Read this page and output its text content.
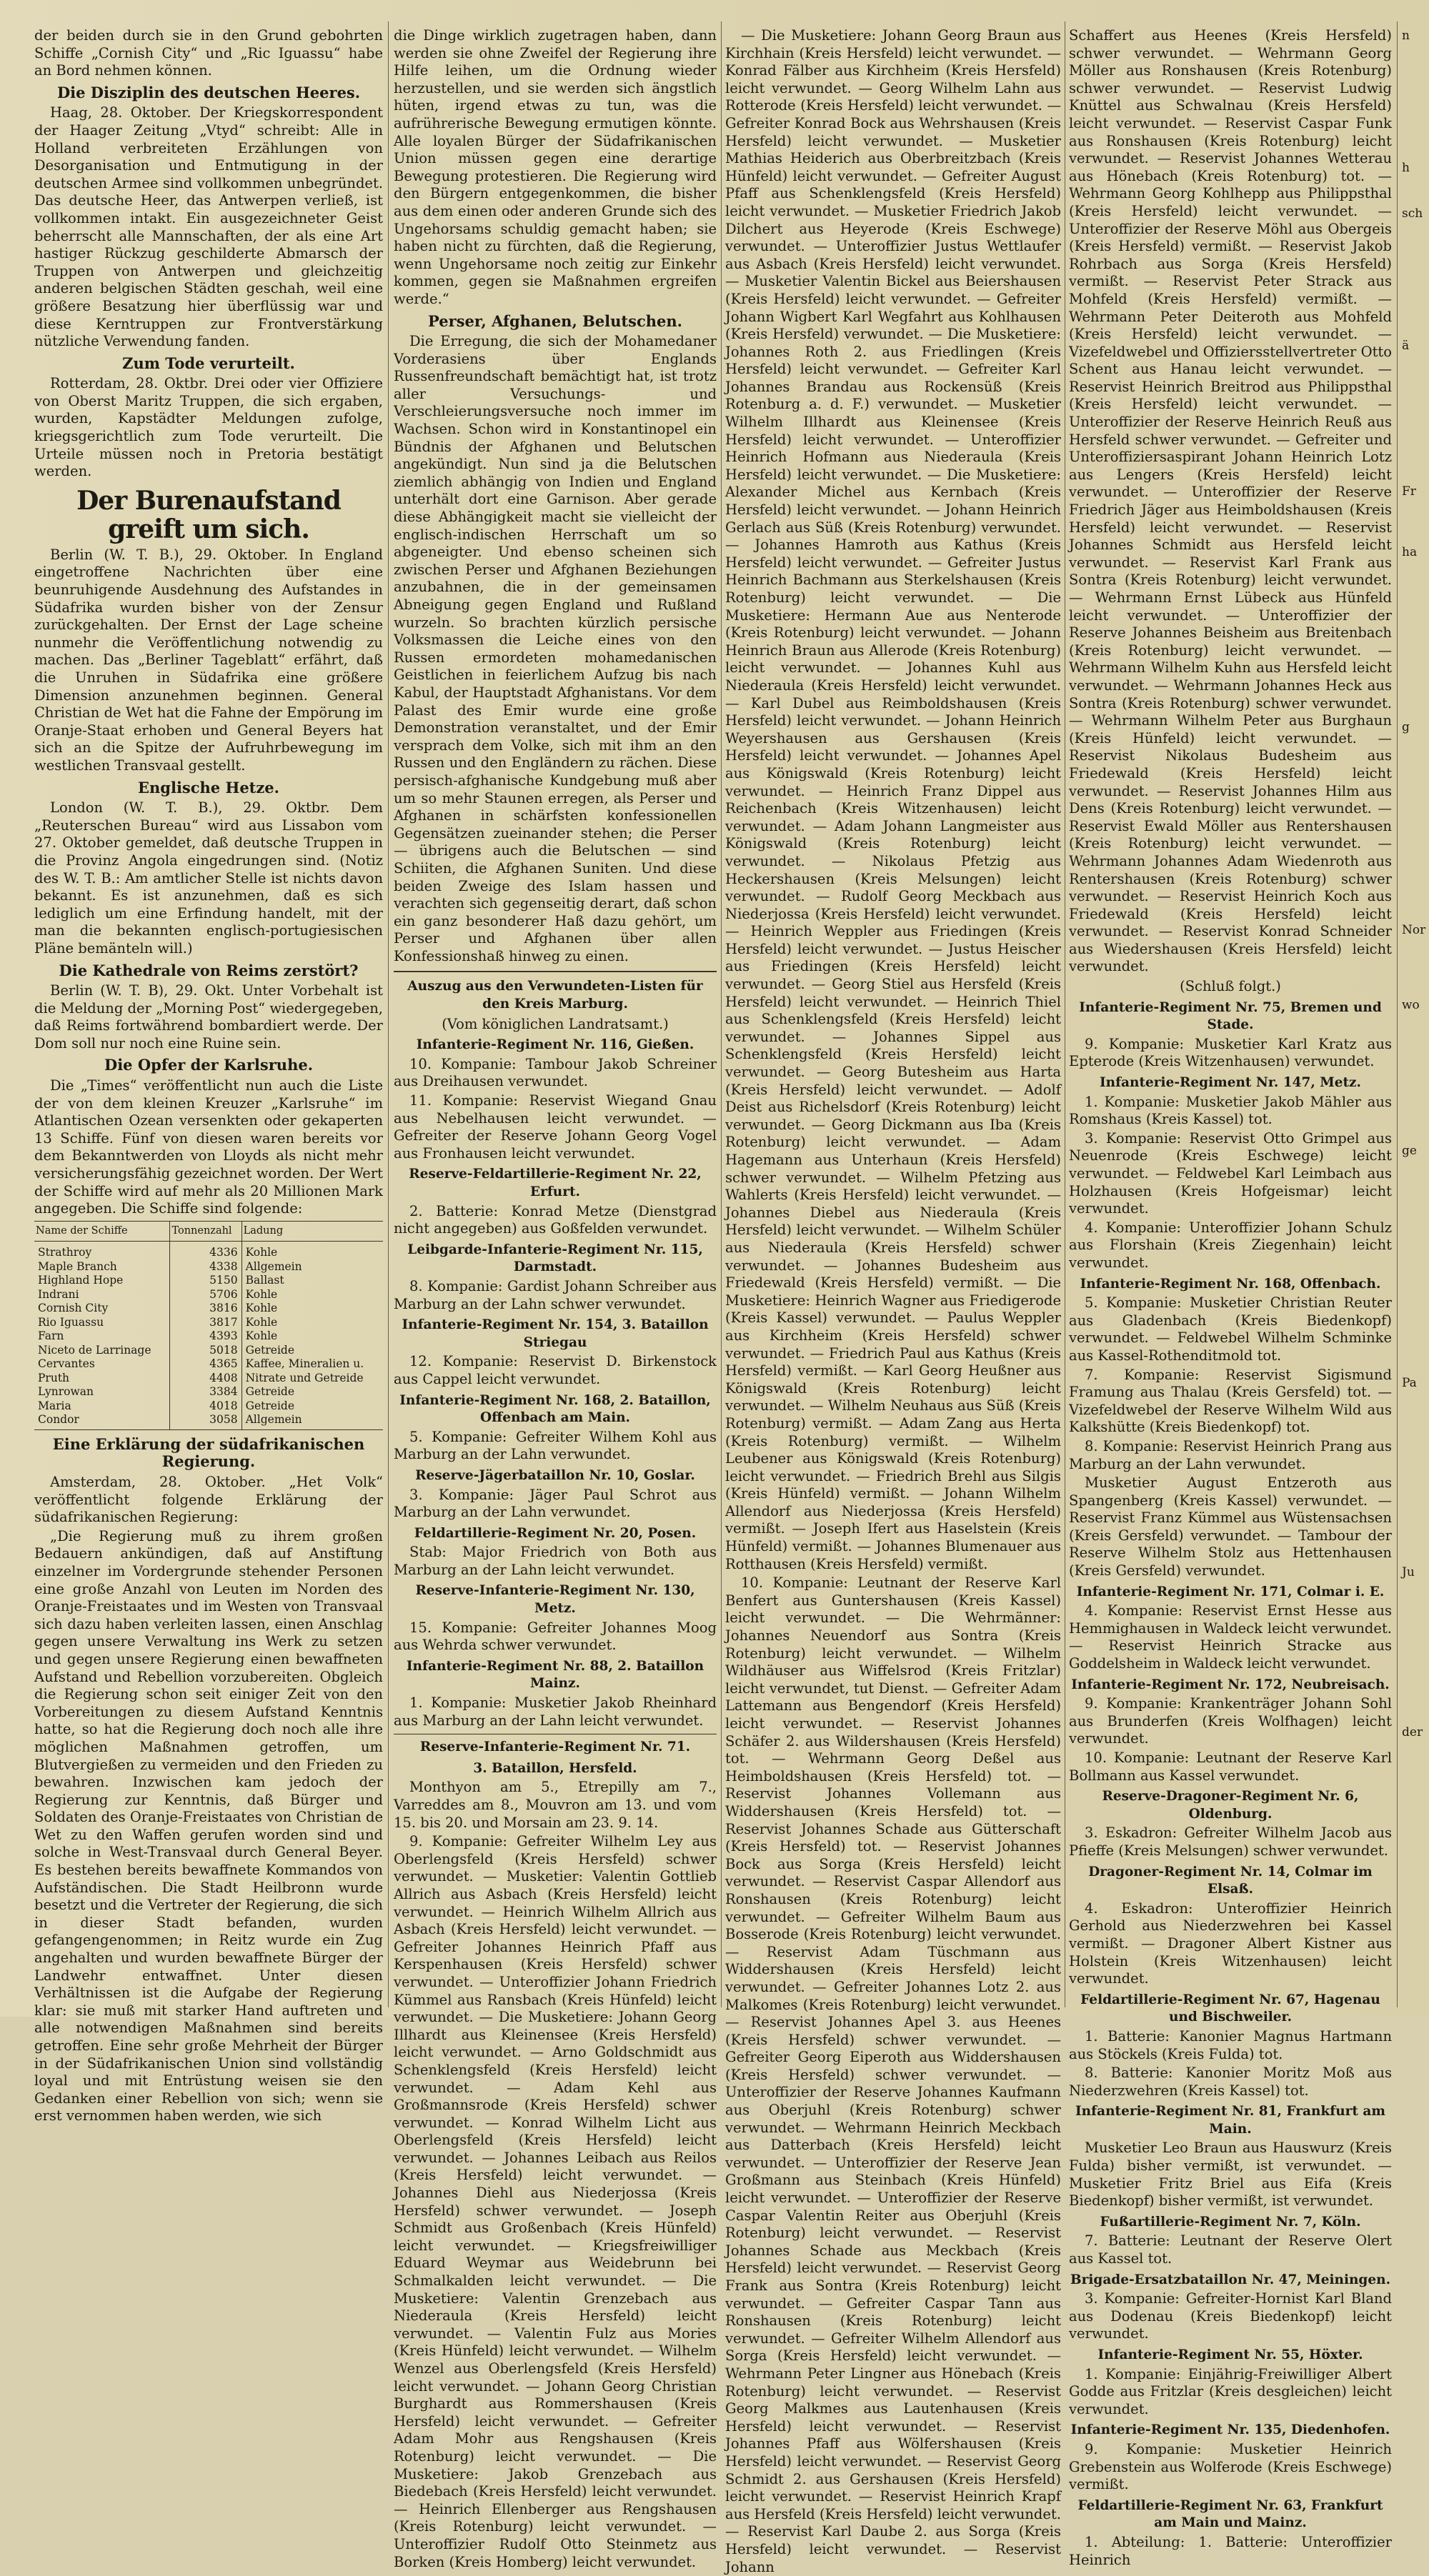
der beiden durch sie in den Grund gebohrten Schiffe „Cornish City“ und „Ric Iguassu“ habe an Bord nehmen können.

Die Disziplin des deutschen Heeres.

Haag, 28. Oktober. Der Kriegskorrespondent der Haager Zeitung „Vtyd“ schreibt: Alle in Holland verbreiteten Erzählungen von Desorganisation und Entmutigung in der deutschen Armee sind vollkommen unbegründet. Das deutsche Heer, das Antwerpen verließ, ist vollkommen intakt. Ein ausgezeichneter Geist beherrscht alle Mannschaften, der als eine Art hastiger Rückzug geschilderte Abmarsch der Truppen von Antwerpen und gleichzeitig anderen belgischen Städten geschah, weil eine größere Besatzung hier überflüssig war und diese Kerntruppen zur Frontverstärkung nützliche Verwendung fanden.

Zum Tode verurteilt.

Rotterdam, 28. Oktbr. Drei oder vier Offiziere von Oberst Maritz Truppen, die sich ergaben, wurden, Kapstädter Meldungen zufolge, kriegsgerichtlich zum Tode verurteilt. Die Urteile müssen noch in Pretoria bestätigt werden.

Der Burenaufstand greift um sich.

Berlin (W. T. B.), 29. Oktober. In England eingetroffene Nachrichten über eine beunruhigende Ausdehnung des Aufstandes in Südafrika wurden bisher von der Zensur zurückgehalten. Der Ernst der Lage scheine nunmehr die Veröffentlichung notwendig zu machen. Das „Berliner Tageblatt“ erfährt, daß die Unruhen in Südafrika eine größere Dimension anzunehmen beginnen. General Christian de Wet hat die Fahne der Empörung im Oranje-Staat erhoben und General Beyers hat sich an die Spitze der Aufruhrbewegung im westlichen Transvaal gestellt.

Englische Hetze.

London (W. T. B.), 29. Oktbr. Dem „Reuterschen Bureau“ wird aus Lissabon vom 27. Oktober gemeldet, daß deutsche Truppen in die Provinz Angola eingedrungen sind. (Notiz des W. T. B.: Am amtlicher Stelle ist nichts davon bekannt. Es ist anzunehmen, daß es sich lediglich um eine Erfindung handelt, mit der man die bekannten englisch-portugiesischen Pläne bemänteln will.)

Die Kathedrale von Reims zerstört?

Berlin (W. T. B), 29. Okt. Unter Vorbehalt ist die Meldung der „Morning Post“ wiedergegeben, daß Reims fortwährend bombardiert werde. Der Dom soll nur noch eine Ruine sein.

Die Opfer der Karlsruhe.

Die „Times“ veröffentlicht nun auch die Liste der von dem kleinen Kreuzer „Karlsruhe“ im Atlantischen Ozean versenkten oder gekaperten 13 Schiffe. Fünf von diesen waren bereits vor dem Bekanntwerden von Lloyds als nicht mehr versicherungsfähig gezeichnet worden. Der Wert der Schiffe wird auf mehr als 20 Millionen Mark angegeben. Die Schiffe sind folgende:

Name der Schiffe	Tonnenzahl	Ladung
Strathroy	4336	Kohle
Maple Branch	4338	Allgemein
Highland Hope	5150	Ballast
Indrani	5706	Kohle
Cornish City	3816	Kohle
Rio Iguassu	3817	Kohle
Farn	4393	Kohle
Niceto de Larrinage	5018	Getreide
Cervantes	4365	Kaffee, Mineralien u.
Pruth	4408	Nitrate und Getreide
Lynrowan	3384	Getreide
Maria	4018	Getreide
Condor	3058	Allgemein
Eine Erklärung der südafrikanischen Regierung.

Amsterdam, 28. Oktober. „Het Volk“ veröffentlicht folgende Erklärung der südafrikanischen Regierung:

„Die Regierung muß zu ihrem großen Bedauern ankündigen, daß auf Anstiftung einzelner im Vordergrunde stehender Personen eine große Anzahl von Leuten im Norden des Oranje-Freistaates und im Westen von Transvaal sich dazu haben verleiten lassen, einen Anschlag gegen unsere Verwaltung ins Werk zu setzen und gegen unsere Regierung einen bewaffneten Aufstand und Rebellion vorzubereiten. Obgleich die Regierung schon seit einiger Zeit von den Vorbereitungen zu diesem Aufstand Kenntnis hatte, so hat die Regierung doch noch alle ihre möglichen Maßnahmen getroffen, um Blutvergießen zu vermeiden und den Frieden zu bewahren. Inzwischen kam jedoch der Regierung zur Kenntnis, daß Bürger und Soldaten des Oranje-Freistaates von Christian de Wet zu den Waffen gerufen worden sind und solche in West-Transvaal durch General Beyer. Es bestehen bereits bewaffnete Kommandos von Aufständischen. Die Stadt Heilbronn wurde besetzt und die Vertreter der Regierung, die sich in dieser Stadt befanden, wurden gefangengenommen; in Reitz wurde ein Zug angehalten und wurden bewaffnete Bürger der Landwehr entwaffnet. Unter diesen Verhältnissen ist die Aufgabe der Regierung klar: sie muß mit starker Hand auftreten und alle notwendigen Maßnahmen sind bereits getroffen. Eine sehr große Mehrheit der Bürger in der Südafrikanischen Union sind vollständig loyal und mit Entrüstung weisen sie den Gedanken einer Rebellion von sich; wenn sie erst vernommen haben werden, wie sich

die Dinge wirklich zugetragen haben, dann werden sie ohne Zweifel der Regierung ihre Hilfe leihen, um die Ordnung wieder herzustellen, und sie werden sich ängstlich hüten, irgend etwas zu tun, was die aufrührerische Bewegung ermutigen könnte. Alle loyalen Bürger der Südafrikanischen Union müssen gegen eine derartige Bewegung protestieren. Die Regierung wird den Bürgern entgegenkommen, die bisher aus dem einen oder anderen Grunde sich des Ungehorsams schuldig gemacht haben; sie haben nicht zu fürchten, daß die Regierung, wenn Ungehorsame noch zeitig zur Einkehr kommen, gegen sie Maßnahmen ergreifen werde.“

Perser, Afghanen, Belutschen.

Die Erregung, die sich der Mohamedaner Vorderasiens über Englands Russenfreundschaft bemächtigt hat, ist trotz aller Versuchungs- und Verschleierungsversuche noch immer im Wachsen. Schon wird in Konstantinopel ein Bündnis der Afghanen und Belutschen angekündigt. Nun sind ja die Belutschen ziemlich abhängig von Indien und England unterhält dort eine Garnison. Aber gerade diese Abhängigkeit macht sie vielleicht der englisch-indischen Herrschaft um so abgeneigter. Und ebenso scheinen sich zwischen Perser und Afghanen Beziehungen anzubahnen, die in der gemeinsamen Abneigung gegen England und Rußland wurzeln. So brachten kürzlich persische Volksmassen die Leiche eines von den Russen ermordeten mohamedanischen Geistlichen in feierlichem Aufzug bis nach Kabul, der Hauptstadt Afghanistans. Vor dem Palast des Emir wurde eine große Demonstration veranstaltet, und der Emir versprach dem Volke, sich mit ihm an den Russen und den Engländern zu rächen. Diese persisch-afghanische Kundgebung muß aber um so mehr Staunen erregen, als Perser und Afghanen in schärfsten konfessionellen Gegensätzen zueinander stehen; die Perser — übrigens auch die Belutschen — sind Schiiten, die Afghanen Suniten. Und diese beiden Zweige des Islam hassen und verachten sich gegenseitig derart, daß schon ein ganz besonderer Haß dazu gehört, um Perser und Afghanen über allen Konfessionshaß hinweg zu einen.

Auszug aus den Verwundeten-Listen für den Kreis Marburg.

(Vom königlichen Landratsamt.)

Infanterie-Regiment Nr. 116, Gießen.

10. Kompanie: Tambour Jakob Schreiner aus Dreihausen verwundet.

11. Kompanie: Reservist Wiegand Gnau aus Nebelhausen leicht verwundet. — Gefreiter der Reserve Johann Georg Vogel aus Fronhausen leicht verwundet.

Reserve-Feldartillerie-Regiment Nr. 22, Erfurt.

2. Batterie: Konrad Metze (Dienstgrad nicht angegeben) aus Goßfelden verwundet.

Leibgarde-Infanterie-Regiment Nr. 115, Darmstadt.

8. Kompanie: Gardist Johann Schreiber aus Marburg an der Lahn schwer verwundet.

Infanterie-Regiment Nr. 154, 3. Bataillon Striegau

12. Kompanie: Reservist D. Birkenstock aus Cappel leicht verwundet.

Infanterie-Regiment Nr. 168, 2. Bataillon, Offenbach am Main.

5. Kompanie: Gefreiter Wilhem Kohl aus Marburg an der Lahn verwundet.

Reserve-Jägerbataillon Nr. 10, Goslar.

3. Kompanie: Jäger Paul Schrot aus Marburg an der Lahn verwundet.

Feldartillerie-Regiment Nr. 20, Posen.

Stab: Major Friedrich von Both aus Marburg an der Lahn leicht verwundet.

Reserve-Infanterie-Regiment Nr. 130, Metz.

15. Kompanie: Gefreiter Johannes Moog aus Wehrda schwer verwundet.

Infanterie-Regiment Nr. 88, 2. Bataillon Mainz.

1. Kompanie: Musketier Jakob Rheinhard aus Marburg an der Lahn leicht verwundet.

Reserve-Infanterie-Regiment Nr. 71.
3. Bataillon, Hersfeld.

Monthyon am 5., Etrepilly am 7., Varreddes am 8., Mouvron am 13. und vom 15. bis 20. und Morsain am 23. 9. 14.

9. Kompanie: Gefreiter Wilhelm Ley aus Oberlengsfeld (Kreis Hersfeld) schwer verwundet. — Musketier: Valentin Gottlieb Allrich aus Asbach (Kreis Hersfeld) leicht verwundet. — Heinrich Wilhelm Allrich aus Asbach (Kreis Hersfeld) leicht verwundet. — Gefreiter Johannes Heinrich Pfaff aus Kerspenhausen (Kreis Hersfeld) schwer verwundet. — Unteroffizier Johann Friedrich Kümmel aus Ransbach (Kreis Hünfeld) leicht verwundet. — Die Musketiere: Johann Georg Illhardt aus Kleinensee (Kreis Hersfeld) leicht verwundet. — Arno Goldschmidt aus Schenklengsfeld (Kreis Hersfeld) leicht verwundet. — Adam Kehl aus Großmannsrode (Kreis Hersfeld) schwer verwundet. — Konrad Wilhelm Licht aus Oberlengsfeld (Kreis Hersfeld) leicht verwundet. — Johannes Leibach aus Reilos (Kreis Hersfeld) leicht verwundet. — Johannes Diehl aus Niederjossa (Kreis Hersfeld) schwer verwundet. — Joseph Schmidt aus Großenbach (Kreis Hünfeld) leicht verwundet. — Kriegsfreiwilliger Eduard Weymar aus Weidebrunn bei Schmalkalden leicht verwundet. — Die Musketiere: Valentin Grenzebach aus Niederaula (Kreis Hersfeld) leicht verwundet. — Valentin Fulz aus Mories (Kreis Hünfeld) leicht verwundet. — Wilhelm Wenzel aus Oberlengsfeld (Kreis Hersfeld) leicht verwundet. — Johann Georg Christian Burghardt aus Rommershausen (Kreis Hersfeld) leicht verwundet. — Gefreiter Adam Mohr aus Rengshausen (Kreis Rotenburg) leicht verwundet. — Die Musketiere: Jakob Grenzebach aus Biedebach (Kreis Hersfeld) leicht verwundet. — Heinrich Ellenberger aus Rengshausen (Kreis Rotenburg) leicht verwundet. — Unteroffizier Rudolf Otto Steinmetz aus Borken (Kreis Homberg) leicht verwundet.

— Die Musketiere: Johann Georg Braun aus Kirchhain (Kreis Hersfeld) leicht verwundet. — Konrad Fälber aus Kirchheim (Kreis Hersfeld) leicht verwundet. — Georg Wilhelm Lahn aus Rotterode (Kreis Hersfeld) leicht verwundet. — Gefreiter Konrad Bock aus Wehrshausen (Kreis Hersfeld) leicht verwundet. — Musketier Mathias Heiderich aus Oberbreitzbach (Kreis Hünfeld) leicht verwundet. — Gefreiter August Pfaff aus Schenklengsfeld (Kreis Hersfeld) leicht verwundet. — Musketier Friedrich Jakob Dilchert aus Heyerode (Kreis Eschwege) verwundet. — Unteroffizier Justus Wettlaufer aus Asbach (Kreis Hersfeld) leicht verwundet. — Musketier Valentin Bickel aus Beiershausen (Kreis Hersfeld) leicht verwundet. — Gefreiter Johann Wigbert Karl Wegfahrt aus Kohlhausen (Kreis Hersfeld) verwundet. — Die Musketiere: Johannes Roth 2. aus Friedlingen (Kreis Hersfeld) leicht verwundet. — Gefreiter Karl Johannes Brandau aus Rockensüß (Kreis Rotenburg a. d. F.) verwundet. — Musketier Wilhelm Illhardt aus Kleinensee (Kreis Hersfeld) leicht verwundet. — Unteroffizier Heinrich Hofmann aus Niederaula (Kreis Hersfeld) leicht verwundet. — Die Musketiere: Alexander Michel aus Kernbach (Kreis Hersfeld) leicht verwundet. — Johann Heinrich Gerlach aus Süß (Kreis Rotenburg) verwundet. — Johannes Hamroth aus Kathus (Kreis Hersfeld) leicht verwundet. — Gefreiter Justus Heinrich Bachmann aus Sterkelshausen (Kreis Rotenburg) leicht verwundet. — Die Musketiere: Hermann Aue aus Nenterode (Kreis Rotenburg) leicht verwundet. — Johann Heinrich Braun aus Allerode (Kreis Rotenburg) leicht verwundet. — Johannes Kuhl aus Niederaula (Kreis Hersfeld) leicht verwundet. — Karl Dubel aus Reimboldshausen (Kreis Hersfeld) leicht verwundet. — Johann Heinrich Weyershausen aus Gershausen (Kreis Hersfeld) leicht verwundet. — Johannes Apel aus Königswald (Kreis Rotenburg) leicht verwundet. — Heinrich Franz Dippel aus Reichenbach (Kreis Witzenhausen) leicht verwundet. — Adam Johann Langmeister aus Königswald (Kreis Rotenburg) leicht verwundet. — Nikolaus Pfetzig aus Heckershausen (Kreis Melsungen) leicht verwundet. — Rudolf Georg Meckbach aus Niederjossa (Kreis Hersfeld) leicht verwundet. — Heinrich Weppler aus Friedingen (Kreis Hersfeld) leicht verwundet. — Justus Heischer aus Friedingen (Kreis Hersfeld) leicht verwundet. — Georg Stiel aus Hersfeld (Kreis Hersfeld) leicht verwundet. — Heinrich Thiel aus Schenklengsfeld (Kreis Hersfeld) leicht verwundet. — Johannes Sippel aus Schenklengsfeld (Kreis Hersfeld) leicht verwundet. — Georg Butesheim aus Harta (Kreis Hersfeld) leicht verwundet. — Adolf Deist aus Richelsdorf (Kreis Rotenburg) leicht verwundet. — Georg Dickmann aus Iba (Kreis Rotenburg) leicht verwundet. — Adam Hagemann aus Unterhaun (Kreis Hersfeld) schwer verwundet. — Wilhelm Pfetzing aus Wahlerts (Kreis Hersfeld) leicht verwundet. — Johannes Diebel aus Niederaula (Kreis Hersfeld) leicht verwundet. — Wilhelm Schüler aus Niederaula (Kreis Hersfeld) schwer verwundet. — Johannes Budesheim aus Friedewald (Kreis Hersfeld) vermißt. — Die Musketiere: Heinrich Wagner aus Friedigerode (Kreis Kassel) verwundet. — Paulus Weppler aus Kirchheim (Kreis Hersfeld) schwer verwundet. — Friedrich Paul aus Kathus (Kreis Hersfeld) vermißt. — Karl Georg Heußner aus Königswald (Kreis Rotenburg) leicht verwundet. — Wilhelm Neuhaus aus Süß (Kreis Rotenburg) vermißt. — Adam Zang aus Herta (Kreis Rotenburg) vermißt. — Wilhelm Leubener aus Königswald (Kreis Rotenburg) leicht verwundet. — Friedrich Brehl aus Silgis (Kreis Hünfeld) vermißt. — Johann Wilhelm Allendorf aus Niederjossa (Kreis Hersfeld) vermißt. — Joseph Ifert aus Haselstein (Kreis Hünfeld) vermißt. — Johannes Blumenauer aus Rotthausen (Kreis Hersfeld) vermißt.

10. Kompanie: Leutnant der Reserve Karl Benfert aus Guntershausen (Kreis Kassel) leicht verwundet. — Die Wehrmänner: Johannes Neuendorf aus Sontra (Kreis Rotenburg) leicht verwundet. — Wilhelm Wildhäuser aus Wiffelsrod (Kreis Fritzlar) leicht verwundet, tut Dienst. — Gefreiter Adam Lattemann aus Bengendorf (Kreis Hersfeld) leicht verwundet. — Reservist Johannes Schäfer 2. aus Wildershausen (Kreis Hersfeld) tot. — Wehrmann Georg Deßel aus Heimboldshausen (Kreis Hersfeld) tot. — Reservist Johannes Vollemann aus Widdershausen (Kreis Hersfeld) tot. — Reservist Johannes Schade aus Gütterschaft (Kreis Hersfeld) tot. — Reservist Johannes Bock aus Sorga (Kreis Hersfeld) leicht verwundet. — Reservist Caspar Allendorf aus Ronshausen (Kreis Rotenburg) leicht verwundet. — Gefreiter Wilhelm Baum aus Bosserode (Kreis Rotenburg) leicht verwundet. — Reservist Adam Tüschmann aus Widdershausen (Kreis Hersfeld) leicht verwundet. — Gefreiter Johannes Lotz 2. aus Malkomes (Kreis Rotenburg) leicht verwundet. — Reservist Johannes Apel 3. aus Heenes (Kreis Hersfeld) schwer verwundet. — Gefreiter Georg Eiperoth aus Widdershausen (Kreis Hersfeld) schwer verwundet. — Unteroffizier der Reserve Johannes Kaufmann aus Oberjuhl (Kreis Rotenburg) schwer verwundet. — Wehrmann Heinrich Meckbach aus Datterbach (Kreis Hersfeld) leicht verwundet. — Unteroffizier der Reserve Jean Großmann aus Steinbach (Kreis Hünfeld) leicht verwundet. — Unteroffizier der Reserve Caspar Valentin Reiter aus Oberjuhl (Kreis Rotenburg) leicht verwundet. — Reservist Johannes Schade aus Meckbach (Kreis Hersfeld) leicht verwundet. — Reservist Georg Frank aus Sontra (Kreis Rotenburg) leicht verwundet. — Gefreiter Caspar Tann aus Ronshausen (Kreis Rotenburg) leicht verwundet. — Gefreiter Wilhelm Allendorf aus Sorga (Kreis Hersfeld) leicht verwundet. — Wehrmann Peter Lingner aus Hönebach (Kreis Rotenburg) leicht verwundet. — Reservist Georg Malkmes aus Lautenhausen (Kreis Hersfeld) leicht verwundet. — Reservist Johannes Pfaff aus Wölfershausen (Kreis Hersfeld) leicht verwundet. — Reservist Georg Schmidt 2. aus Gershausen (Kreis Hersfeld) leicht verwundet. — Reservist Heinrich Krapf aus Hersfeld (Kreis Hersfeld) leicht verwundet. — Reservist Karl Daube 2. aus Sorga (Kreis Hersfeld) leicht verwundet. — Reservist Johann

Schaffert aus Heenes (Kreis Hersfeld) schwer verwundet. — Wehrmann Georg Möller aus Ronshausen (Kreis Rotenburg) schwer verwundet. — Reservist Ludwig Knüttel aus Schwalnau (Kreis Hersfeld) leicht verwundet. — Reservist Caspar Funk aus Ronshausen (Kreis Rotenburg) leicht verwundet. — Reservist Johannes Wetterau aus Hönebach (Kreis Rotenburg) tot. — Wehrmann Georg Kohlhepp aus Philippsthal (Kreis Hersfeld) leicht verwundet. — Unteroffizier der Reserve Möhl aus Obergeis (Kreis Hersfeld) vermißt. — Reservist Jakob Rohrbach aus Sorga (Kreis Hersfeld) vermißt. — Reservist Peter Strack aus Mohfeld (Kreis Hersfeld) vermißt. — Wehrmann Peter Deiteroth aus Mohfeld (Kreis Hersfeld) leicht verwundet. — Vizefeldwebel und Offiziersstellvertreter Otto Schent aus Hanau leicht verwundet. — Reservist Heinrich Breitrod aus Philippsthal (Kreis Hersfeld) leicht verwundet. — Unteroffizier der Reserve Heinrich Reuß aus Hersfeld schwer verwundet. — Gefreiter und Unteroffiziersaspirant Johann Heinrich Lotz aus Lengers (Kreis Hersfeld) leicht verwundet. — Unteroffizier der Reserve Friedrich Jäger aus Heimboldshausen (Kreis Hersfeld) leicht verwundet. — Reservist Johannes Schmidt aus Hersfeld leicht verwundet. — Reservist Karl Frank aus Sontra (Kreis Rotenburg) leicht verwundet. — Wehrmann Ernst Lübeck aus Hünfeld leicht verwundet. — Unteroffizier der Reserve Johannes Beisheim aus Breitenbach (Kreis Rotenburg) leicht verwundet. — Wehrmann Wilhelm Kuhn aus Hersfeld leicht verwundet. — Wehrmann Johannes Heck aus Sontra (Kreis Rotenburg) schwer verwundet. — Wehrmann Wilhelm Peter aus Burghaun (Kreis Hünfeld) leicht verwundet. — Reservist Nikolaus Budesheim aus Friedewald (Kreis Hersfeld) leicht verwundet. — Reservist Johannes Hilm aus Dens (Kreis Rotenburg) leicht verwundet. — Reservist Ewald Möller aus Rentershausen (Kreis Rotenburg) leicht verwundet. — Wehrmann Johannes Adam Wiedenroth aus Rentershausen (Kreis Rotenburg) schwer verwundet. — Reservist Heinrich Koch aus Friedewald (Kreis Hersfeld) leicht verwundet. — Reservist Konrad Schneider aus Wiedershausen (Kreis Hersfeld) leicht verwundet.

(Schluß folgt.)

Infanterie-Regiment Nr. 75, Bremen und Stade.

9. Kompanie: Musketier Karl Kratz aus Epterode (Kreis Witzenhausen) verwundet.

Infanterie-Regiment Nr. 147, Metz.

1. Kompanie: Musketier Jakob Mähler aus Romshaus (Kreis Kassel) tot.

3. Kompanie: Reservist Otto Grimpel aus Neuenrode (Kreis Eschwege) leicht verwundet. — Feldwebel Karl Leimbach aus Holzhausen (Kreis Hofgeismar) leicht verwundet.

4. Kompanie: Unteroffizier Johann Schulz aus Florshain (Kreis Ziegenhain) leicht verwundet.

Infanterie-Regiment Nr. 168, Offenbach.

5. Kompanie: Musketier Christian Reuter aus Gladenbach (Kreis Biedenkopf) verwundet. — Feldwebel Wilhelm Schminke aus Kassel-Rothenditmold tot.

7. Kompanie: Reservist Sigismund Framung aus Thalau (Kreis Gersfeld) tot. — Vizefeldwebel der Reserve Wilhelm Wild aus Kalkshütte (Kreis Biedenkopf) tot.

8. Kompanie: Reservist Heinrich Prang aus Marburg an der Lahn verwundet.

Musketier August Entzeroth aus Spangenberg (Kreis Kassel) verwundet. — Reservist Franz Kümmel aus Wüstensachsen (Kreis Gersfeld) verwundet. — Tambour der Reserve Wilhelm Stolz aus Hettenhausen (Kreis Gersfeld) verwundet.

Infanterie-Regiment Nr. 171, Colmar i. E.

4. Kompanie: Reservist Ernst Hesse aus Hemmighausen in Waldeck leicht verwundet. — Reservist Heinrich Stracke aus Goddelsheim in Waldeck leicht verwundet.

Infanterie-Regiment Nr. 172, Neubreisach.

9. Kompanie: Krankenträger Johann Sohl aus Brunderfen (Kreis Wolfhagen) leicht verwundet.

10. Kompanie: Leutnant der Reserve Karl Bollmann aus Kassel verwundet.

Reserve-Dragoner-Regiment Nr. 6, Oldenburg.

3. Eskadron: Gefreiter Wilhelm Jacob aus Pfieffe (Kreis Melsungen) schwer verwundet.

Dragoner-Regiment Nr. 14, Colmar im Elsaß.

4. Eskadron: Unteroffizier Heinrich Gerhold aus Niederzwehren bei Kassel vermißt. — Dragoner Albert Kistner aus Holstein (Kreis Witzenhausen) leicht verwundet.

Feldartillerie-Regiment Nr. 67, Hagenau und Bischweiler.

1. Batterie: Kanonier Magnus Hartmann aus Stöckels (Kreis Fulda) tot.

8. Batterie: Kanonier Moritz Moß aus Niederzwehren (Kreis Kassel) tot.

Infanterie-Regiment Nr. 81, Frankfurt am Main.

Musketier Leo Braun aus Hauswurz (Kreis Fulda) bisher vermißt, ist verwundet. — Musketier Fritz Briel aus Eifa (Kreis Biedenkopf) bisher vermißt, ist verwundet.

Fußartillerie-Regiment Nr. 7, Köln.

7. Batterie: Leutnant der Reserve Olert aus Kassel tot.

Brigade-Ersatzbataillon Nr. 47, Meiningen.

3. Kompanie: Gefreiter-Hornist Karl Bland aus Dodenau (Kreis Biedenkopf) leicht verwundet.

Infanterie-Regiment Nr. 55, Höxter.

1. Kompanie: Einjährig-Freiwilliger Albert Godde aus Fritzlar (Kreis desgleichen) leicht verwundet.

Infanterie-Regiment Nr. 135, Diedenhofen.

9. Kompanie: Musketier Heinrich Grebenstein aus Wolferode (Kreis Eschwege) vermißt.

Feldartillerie-Regiment Nr. 63, Frankfurt am Main und Mainz.

1. Abteilung: 1. Batterie: Unteroffizier Heinrich

n
h
sch
ä
Fr
ha
g
Nor
wo
ge
Pa
Ju
der
